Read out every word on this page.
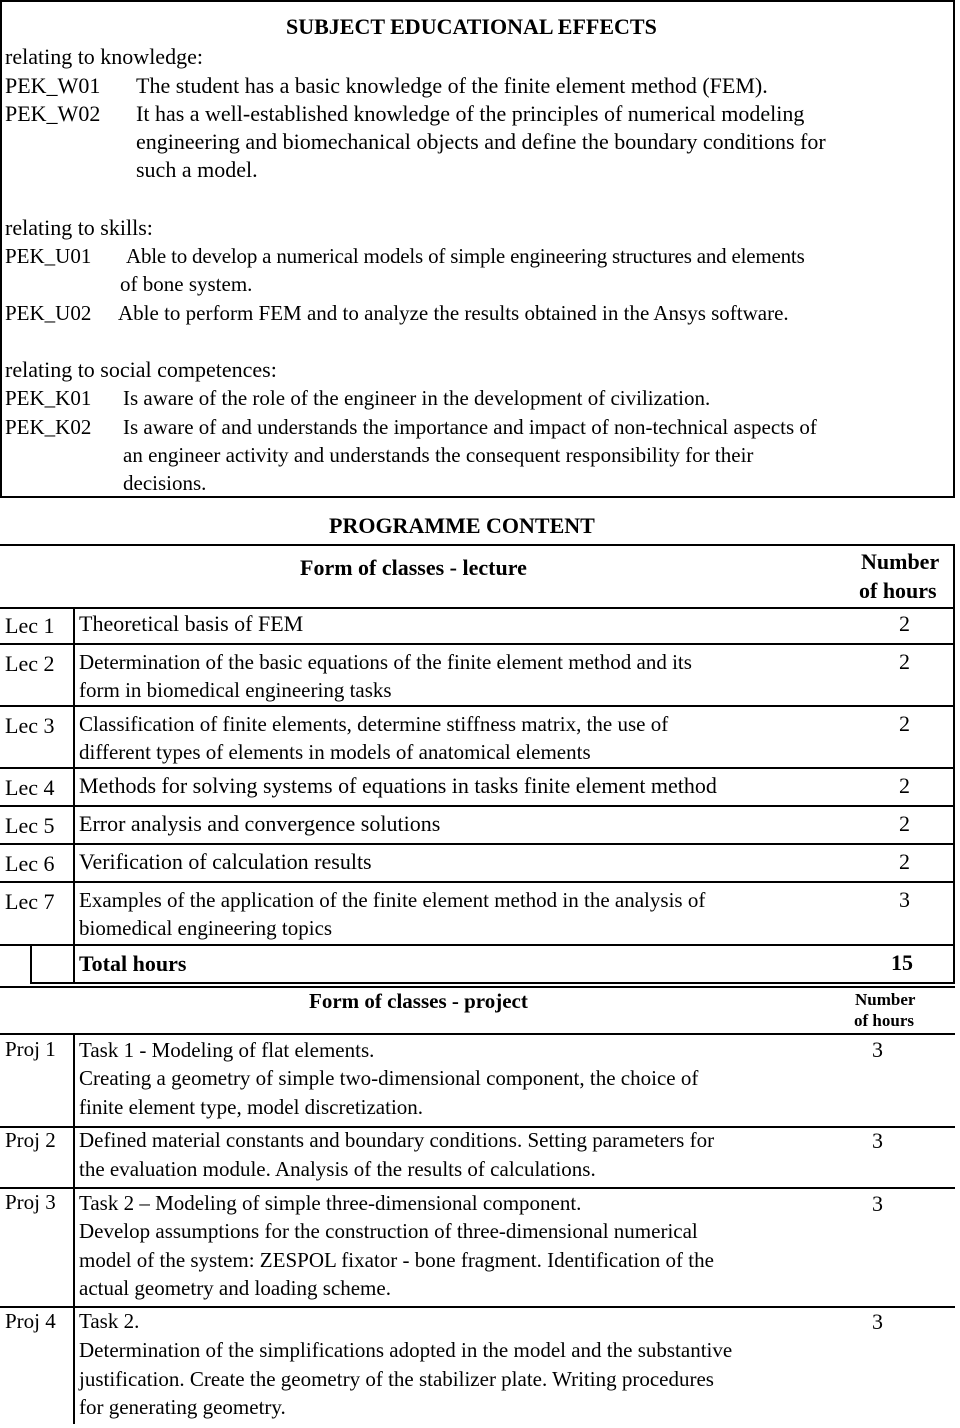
SUBJECT EDUCATIONAL EFFECTS
relating to knowledge:
PEK_W01 The student has a basic knowledge of the finite element method (FEM).
PEK_W02 It has a well-established knowledge of the principles of numerical modeling
engineering and biomechanical objects and define the boundary conditions for
such a model.
relating to skills:
PEK_U01 Able to develop a numerical models of simple engineering structures and elements
of bone system.
PEK_U02 Able to perform FEM and to analyze the results obtained in the Ansys software.
relating to social competences:
PEK_K01 Is aware of the role of the engineer in the development of civilization.
PEK_K02 Is aware of and understands the importance and impact of non-technical aspects of
an engineer activity and understands the consequent responsibility for their
decisions.
PROGRAMME CONTENT
Form of classes - lecture	Number
of hours
Lec 1 Theoretical basis of FEM	2
Lec 2 Determination of the basic equations of the finite element method and its
form in biomedical engineering tasks
2
Lec 3 Classification of finite elements, determine stiffness matrix, the use of
different types of elements in models of anatomical elements
2
Lec 4 Methods for solving systems of equations in tasks finite element method	2
Lec 5 Error analysis and convergence solutions	2
Lec 6 Verification of calculation results	2
Lec 7 Examples of the application of the finite element method in the analysis of
biomedical engineering topics
3
Total hours	15
Form of classes - project	Number
of hours
Proj 1 Task 1 - Modeling of flat elements.
Creating a geometry of simple two-dimensional component, the choice of
finite element type, model discretization.
3
Proj 2 Defined material constants and boundary conditions. Setting parameters for
the evaluation module. Analysis of the results of calculations.
3
Proj 3 Task 2 – Modeling of simple three-dimensional component.
Develop assumptions for the construction of three-dimensional numerical
model of the system: ZESPOL fixator - bone fragment. Identification of the
actual geometry and loading scheme.
3
Proj 4 Task 2.
Determination of the simplifications adopted in the model and the substantive
justification. Create the geometry of the stabilizer plate. Writing procedures
for generating geometry.
3
